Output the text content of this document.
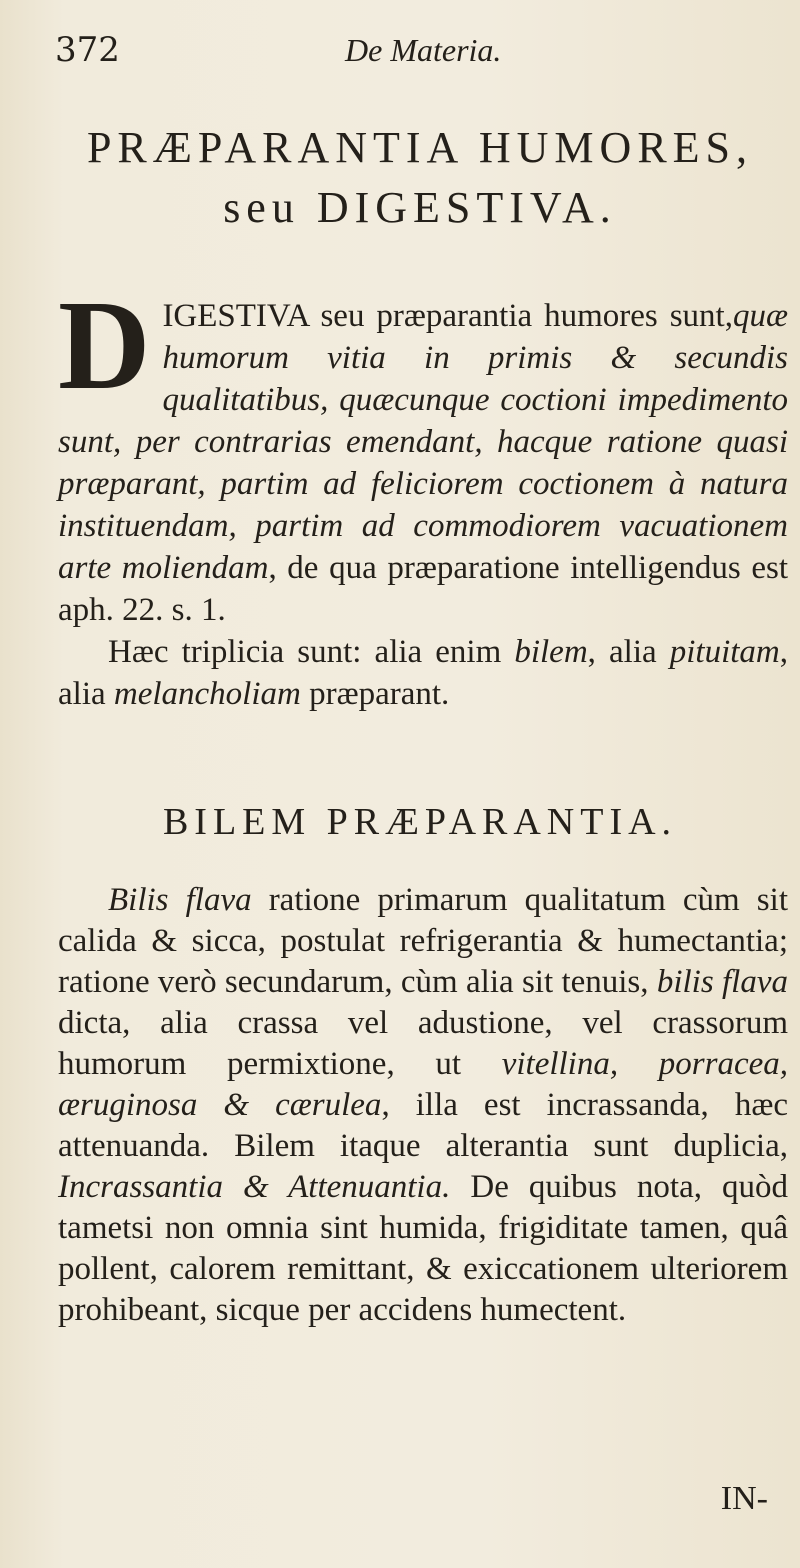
372	De Materia.
PRÆPARANTIA HUMORES,
seu DIGESTIVA.

DIGESTIVA seu præparantia humores sunt,quæ humorum vitia in primis & secundis qualitatibus, quæcunque coctioni impedimento sunt, per contrarias emendant, hacque ratione quasi præparant, partim ad feliciorem coctionem à natura instituendam, partim ad commodiorem vacuationem arte moliendam, de qua præparatione intelligendus est aph. 22. s. 1.

Hæc triplicia sunt: alia enim bilem, alia pituitam, alia melancholiam præparant.

BILEM PRÆPARANTIA.

Bilis flava ratione primarum qualitatum cùm sit calida & sicca, postulat refrigerantia & humectantia; ratione verò secundarum, cùm alia sit tenuis, bilis flava dicta, alia crassa vel adustione, vel crassorum humorum permixtione, ut vitellina, porracea, æruginosa & cærulea, illa est incrassanda, hæc attenuanda. Bilem itaque alterantia sunt duplicia, Incrassantia & Attenuantia. De quibus nota, quòd tametsi non omnia sint humida, frigiditate tamen, quâ pollent, calorem remittant, & exiccationem ulteriorem prohibeant, sicque per accidens humectent.

IN-
